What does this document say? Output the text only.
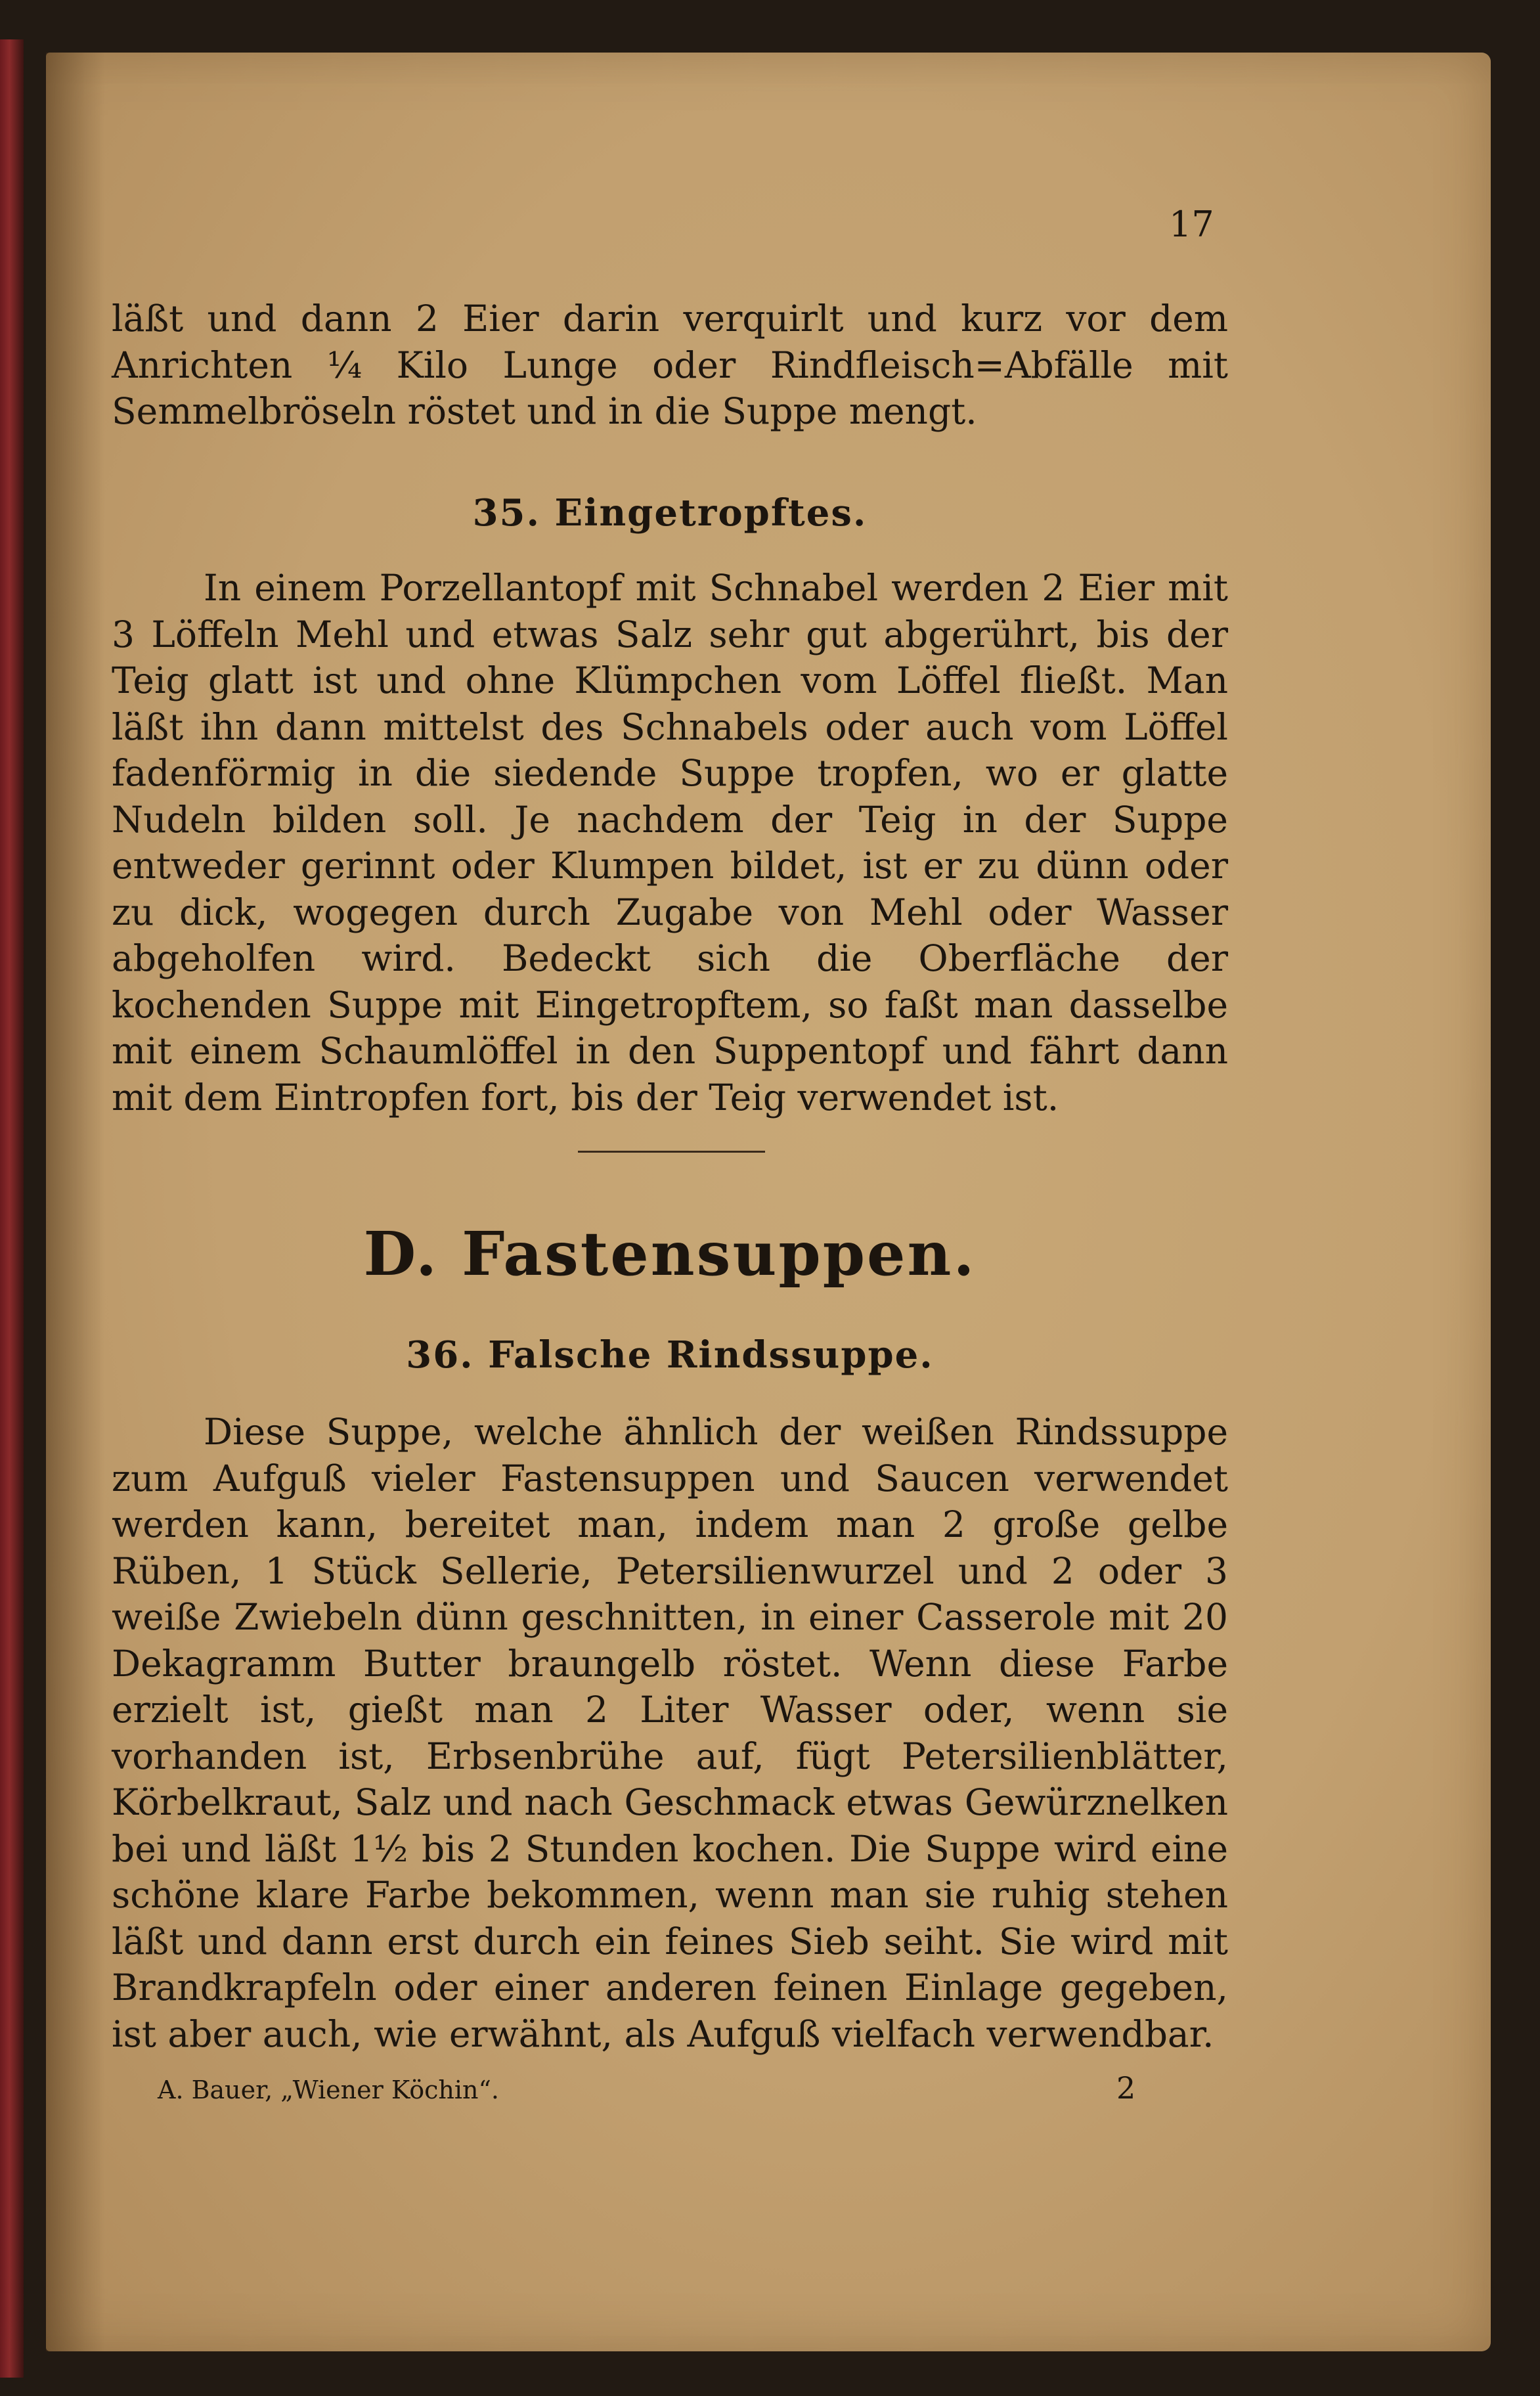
17

läßt und dann 2 Eier darin verquirlt und kurz vor dem Anrichten ¼ Kilo Lunge oder Rindfleisch=Abfälle mit Semmelbröseln röstet und in die Suppe mengt.

35. Eingetropftes.

In einem Porzellantopf mit Schnabel werden 2 Eier mit 3 Löffeln Mehl und etwas Salz sehr gut abgerührt, bis der Teig glatt ist und ohne Klümpchen vom Löffel fließt. Man läßt ihn dann mittelst des Schnabels oder auch vom Löffel fadenförmig in die siedende Suppe tropfen, wo er glatte Nudeln bilden soll. Je nachdem der Teig in der Suppe entweder gerinnt oder Klumpen bildet, ist er zu dünn oder zu dick, wogegen durch Zugabe von Mehl oder Wasser abgeholfen wird. Bedeckt sich die Oberfläche der kochenden Suppe mit Eingetropftem, so faßt man dasselbe mit einem Schaumlöffel in den Suppentopf und fährt dann mit dem Eintropfen fort, bis der Teig verwendet ist.

D. Fastensuppen.
36. Falsche Rindssuppe.

Diese Suppe, welche ähnlich der weißen Rindssuppe zum Aufguß vieler Fastensuppen und Saucen verwendet werden kann, bereitet man, indem man 2 große gelbe Rüben, 1 Stück Sellerie, Petersilienwurzel und 2 oder 3 weiße Zwiebeln dünn geschnitten, in einer Casserole mit 20 Dekagramm Butter braungelb röstet. Wenn diese Farbe erzielt ist, gießt man 2 Liter Wasser oder, wenn sie vorhanden ist, Erbsenbrühe auf, fügt Petersilienblätter, Körbelkraut, Salz und nach Geschmack etwas Gewürznelken bei und läßt 1½ bis 2 Stunden kochen. Die Suppe wird eine schöne klare Farbe bekommen, wenn man sie ruhig stehen läßt und dann erst durch ein feines Sieb seiht. Sie wird mit Brandkrapfeln oder einer anderen feinen Einlage gegeben, ist aber auch, wie erwähnt, als Aufguß vielfach verwendbar.

A. Bauer, „Wiener Köchin“.	2
